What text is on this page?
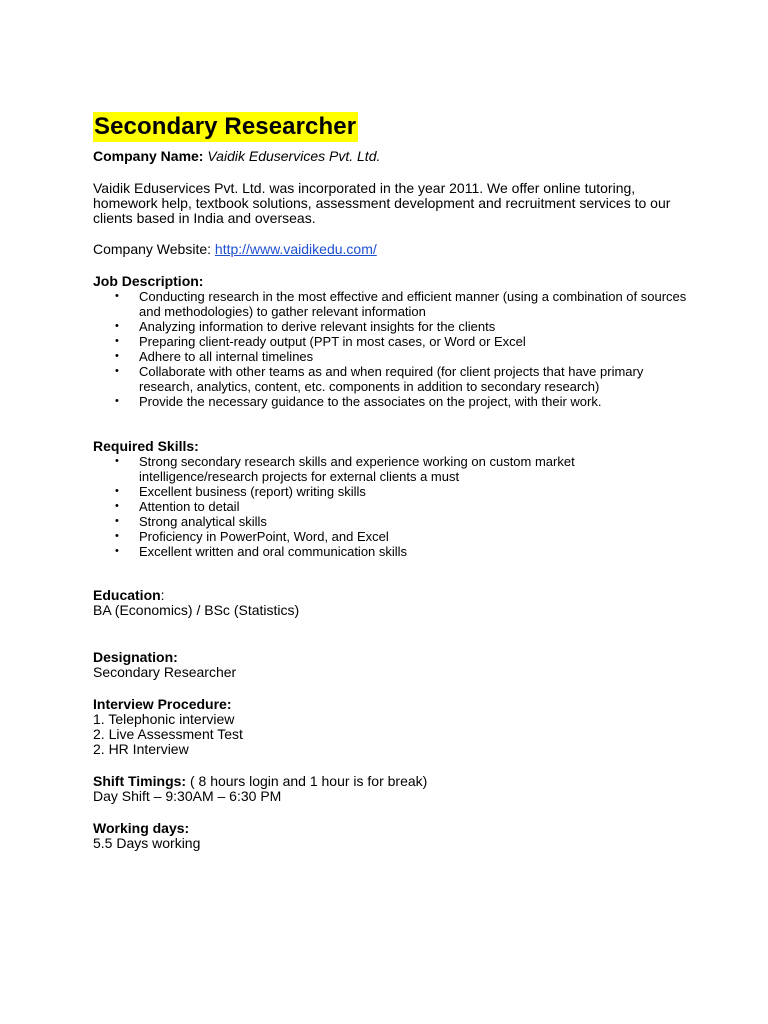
Secondary Researcher

Company Name: Vaidik Eduservices Pvt. Ltd.

Vaidik Eduservices Pvt. Ltd. was incorporated in the year 2011. We offer online tutoring, homework help, textbook solutions, assessment development and recruitment services to our clients based in India and overseas.

Company Website: http://www.vaidikedu.com/

Job Description:

• Conducting research in the most effective and efficient manner (using a combination of sources and methodologies) to gather relevant information
• Analyzing information to derive relevant insights for the clients
• Preparing client-ready output (PPT in most cases, or Word or Excel
• Adhere to all internal timelines
• Collaborate with other teams as and when required (for client projects that have primary research, analytics, content, etc. components in addition to secondary research)
• Provide the necessary guidance to the associates on the project, with their work.

Required Skills:

• Strong secondary research skills and experience working on custom market intelligence/research projects for external clients a must
• Excellent business (report) writing skills
• Attention to detail
• Strong analytical skills
• Proficiency in PowerPoint, Word, and Excel
• Excellent written and oral communication skills

Education:

BA (Economics) / BSc (Statistics)

Designation:

Secondary Researcher

Interview Procedure:

1. Telephonic interview

2. Live Assessment Test

2. HR Interview

Shift Timings: ( 8 hours login and 1 hour is for break)

Day Shift – 9:30AM – 6:30 PM

Working days:

5.5 Days working
